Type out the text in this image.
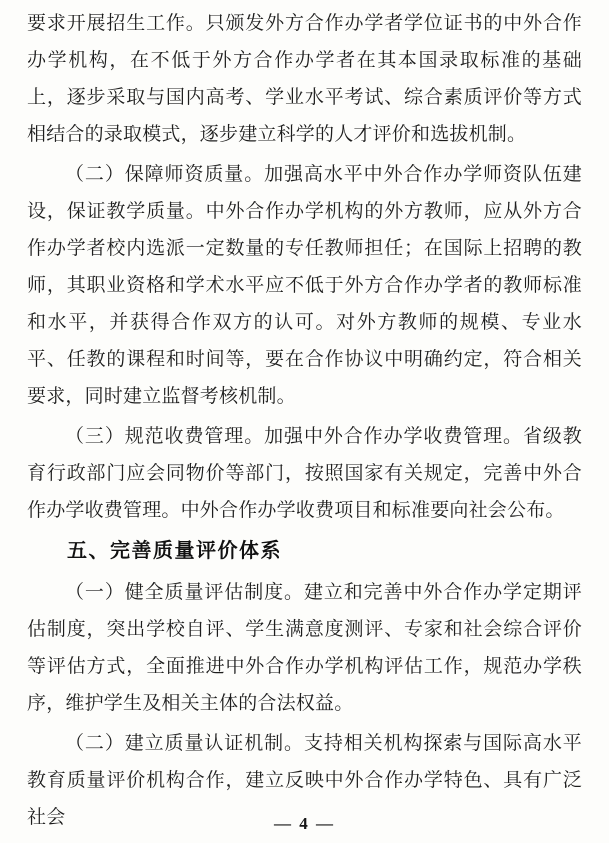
要求开展招生工作。只颁发外方合作办学者学位证书的中外合作办学机构，在不低于外方合作办学者在其本国录取标准的基础上，逐步采取与国内高考、学业水平考试、综合素质评价等方式相结合的录取模式，逐步建立科学的人才评价和选拔机制。

（二）保障师资质量。加强高水平中外合作办学师资队伍建设，保证教学质量。中外合作办学机构的外方教师，应从外方合作办学者校内选派一定数量的专任教师担任；在国际上招聘的教师，其职业资格和学术水平应不低于外方合作办学者的教师标准和水平，并获得合作双方的认可。对外方教师的规模、专业水平、任教的课程和时间等，要在合作协议中明确约定，符合相关要求，同时建立监督考核机制。

（三）规范收费管理。加强中外合作办学收费管理。省级教育行政部门应会同物价等部门，按照国家有关规定，完善中外合作办学收费管理。中外合作办学收费项目和标准要向社会公布。

五、完善质量评价体系

（一）健全质量评估制度。建立和完善中外合作办学定期评估制度，突出学校自评、学生满意度测评、专家和社会综合评价等评估方式，全面推进中外合作办学机构评估工作，规范办学秩序，维护学生及相关主体的合法权益。

（二）建立质量认证机制。支持相关机构探索与国际高水平教育质量评价机构合作，建立反映中外合作办学特色、具有广泛社会	— 4 —
